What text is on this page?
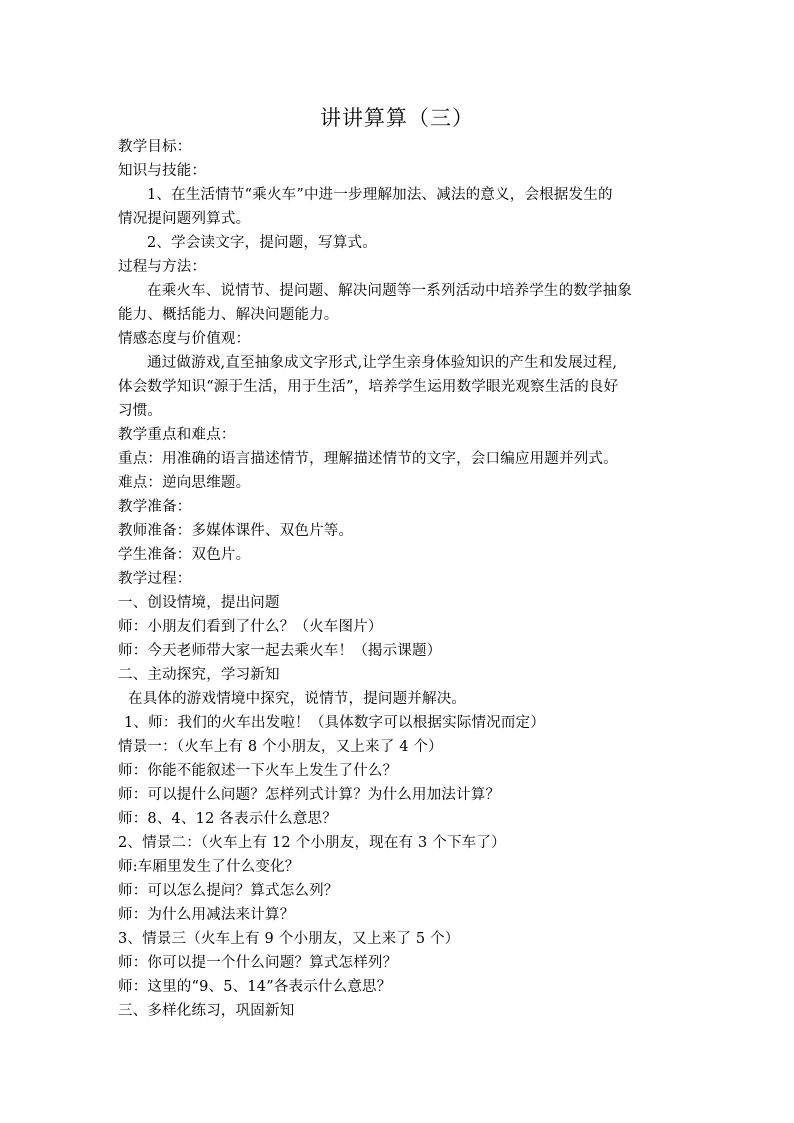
讲讲算算（三）
教学目标：
知识与技能：
1、在生活情节“乘火车”中进一步理解加法、减法的意义，会根据发生的
情况提问题列算式。
2、学会读文字，提问题，写算式。
过程与方法：
在乘火车、说情节、提问题、解决问题等一系列活动中培养学生的数学抽象
能力、概括能力、解决问题能力。
情感态度与价值观：
通过做游戏,直至抽象成文字形式,让学生亲身体验知识的产生和发展过程,
体会数学知识“源于生活，用于生活”，培养学生运用数学眼光观察生活的良好
习惯。
教学重点和难点：
重点：用准确的语言描述情节，理解描述情节的文字，会口编应用题并列式。
难点：逆向思维题。
教学准备：
教师准备：多媒体课件、双色片等。
学生准备：双色片。
教学过程：
一、创设情境，提出问题
师：小朋友们看到了什么？（火车图片）
师：今天老师带大家一起去乘火车！（揭示课题）
二、主动探究，学习新知
在具体的游戏情境中探究，说情节，提问题并解决。
1、师：我们的火车出发啦！（具体数字可以根据实际情况而定）
情景一：（火车上有 8 个小朋友，又上来了 4 个）
师：你能不能叙述一下火车上发生了什么？
师：可以提什么问题？怎样列式计算？为什么用加法计算？
师：8、4、12 各表示什么意思？
2、情景二：（火车上有 12 个小朋友，现在有 3 个下车了）
师:车厢里发生了什么变化？
师：可以怎么提问？算式怎么列？
师：为什么用减法来计算？
3、情景三（火车上有 9 个小朋友，又上来了 5 个）
师：你可以提一个什么问题？算式怎样列？
师：这里的“9、5、14”各表示什么意思？
三、多样化练习，巩固新知
